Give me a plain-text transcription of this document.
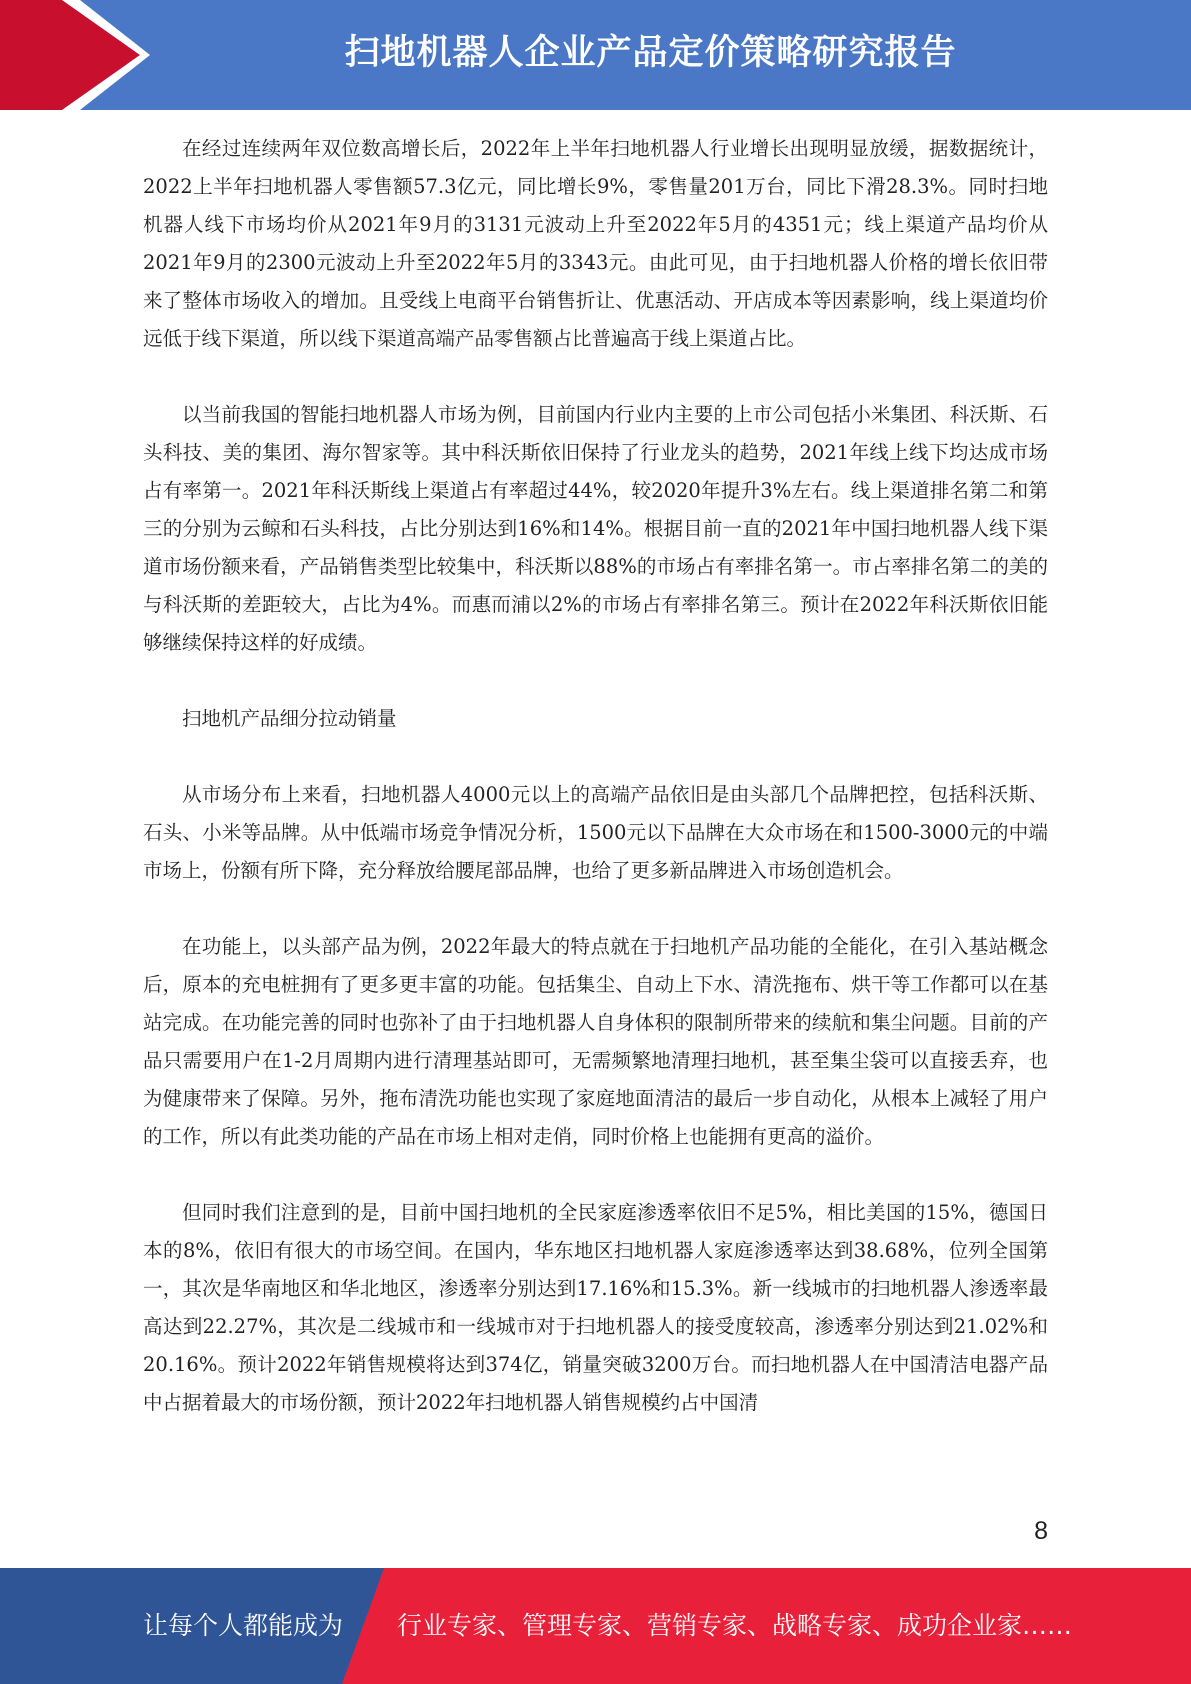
扫地机器人企业产品定价策略研究报告

在经过连续两年双位数高增长后，2022年上半年扫地机器人行业增长出现明显放缓，据数据统计，2022上半年扫地机器人零售额57.3亿元，同比增长9%，零售量201万台，同比下滑28.3%。同时扫地机器人线下市场均价从2021年9月的3131元波动上升至2022年5月的4351元；线上渠道产品均价从2021年9月的2300元波动上升至2022年5月的3343元。由此可见，由于扫地机器人价格的增长依旧带来了整体市场收入的增加。且受线上电商平台销售折让、优惠活动、开店成本等因素影响，线上渠道均价远低于线下渠道，所以线下渠道高端产品零售额占比普遍高于线上渠道占比。

以当前我国的智能扫地机器人市场为例，目前国内行业内主要的上市公司包括小米集团、科沃斯、石头科技、美的集团、海尔智家等。其中科沃斯依旧保持了行业龙头的趋势，2021年线上线下均达成市场占有率第一。2021年科沃斯线上渠道占有率超过44%，较2020年提升3%左右。线上渠道排名第二和第三的分别为云鲸和石头科技，占比分别达到16%和14%。根据目前一直的2021年中国扫地机器人线下渠道市场份额来看，产品销售类型比较集中，科沃斯以88%的市场占有率排名第一。市占率排名第二的美的与科沃斯的差距较大，占比为4%。而惠而浦以2%的市场占有率排名第三。预计在2022年科沃斯依旧能够继续保持这样的好成绩。

扫地机产品细分拉动销量

从市场分布上来看，扫地机器人4000元以上的高端产品依旧是由头部几个品牌把控，包括科沃斯、石头、小米等品牌。从中低端市场竞争情况分析，1500元以下品牌在大众市场在和1500-3000元的中端市场上，份额有所下降，充分释放给腰尾部品牌，也给了更多新品牌进入市场创造机会。

在功能上，以头部产品为例，2022年最大的特点就在于扫地机产品功能的全能化，在引入基站概念后，原本的充电桩拥有了更多更丰富的功能。包括集尘、自动上下水、清洗拖布、烘干等工作都可以在基站完成。在功能完善的同时也弥补了由于扫地机器人自身体积的限制所带来的续航和集尘问题。目前的产品只需要用户在1-2月周期内进行清理基站即可，无需频繁地清理扫地机，甚至集尘袋可以直接丢弃，也为健康带来了保障。另外，拖布清洗功能也实现了家庭地面清洁的最后一步自动化，从根本上减轻了用户的工作，所以有此类功能的产品在市场上相对走俏，同时价格上也能拥有更高的溢价。

但同时我们注意到的是，目前中国扫地机的全民家庭渗透率依旧不足5%，相比美国的15%，德国日本的8%，依旧有很大的市场空间。在国内，华东地区扫地机器人家庭渗透率达到38.68%，位列全国第一，其次是华南地区和华北地区，渗透率分别达到17.16%和15.3%。新一线城市的扫地机器人渗透率最高达到22.27%，其次是二线城市和一线城市对于扫地机器人的接受度较高，渗透率分别达到21.02%和20.16%。预计2022年销售规模将达到374亿，销量突破3200万台。而扫地机器人在中国清洁电器产品中占据着最大的市场份额，预计2022年扫地机器人销售规模约占中国清

8
让每个人都能成为 行业专家、管理专家、营销专家、战略专家、成功企业家……
